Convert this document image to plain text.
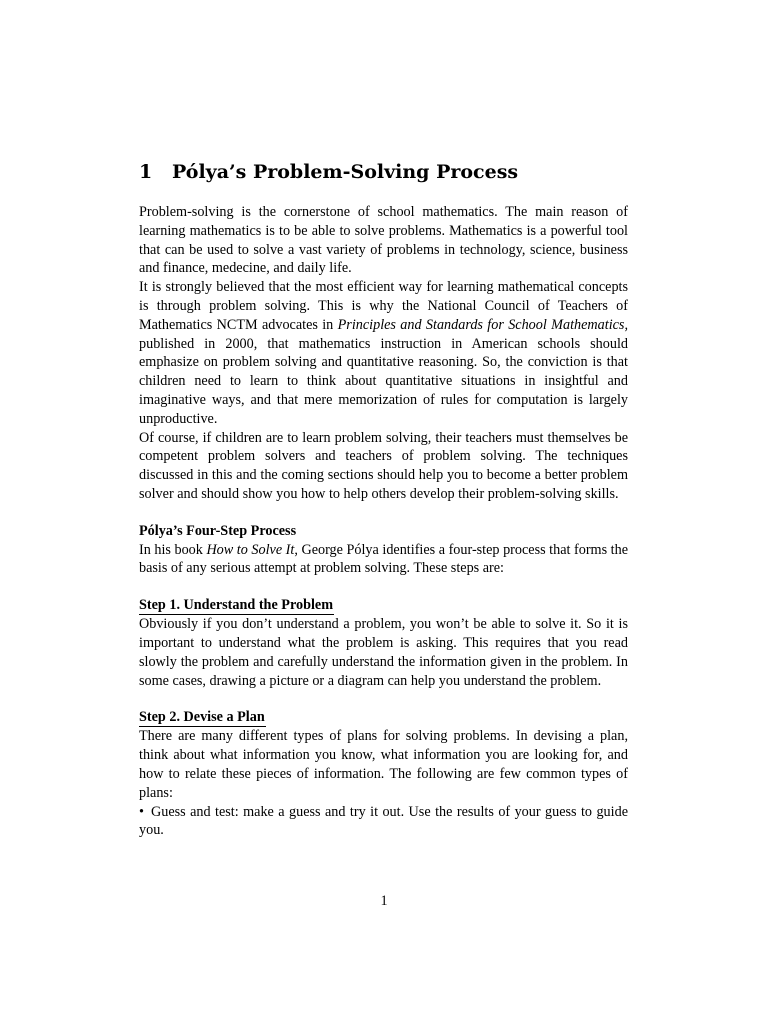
1 Pólya’s Problem-Solving Process

Problem-solving is the cornerstone of school mathematics. The main reason of learning mathematics is to be able to solve problems. Mathematics is a powerful tool that can be used to solve a vast variety of problems in technology, science, business and finance, medecine, and daily life.

It is strongly believed that the most efficient way for learning mathematical concepts is through problem solving. This is why the National Council of Teachers of Mathematics NCTM advocates in Principles and Standards for School Mathematics, published in 2000, that mathematics instruction in American schools should emphasize on problem solving and quantitative reasoning. So, the conviction is that children need to learn to think about quantitative situations in insightful and imaginative ways, and that mere memorization of rules for computation is largely unproductive.

Of course, if children are to learn problem solving, their teachers must themselves be competent problem solvers and teachers of problem solving. The techniques discussed in this and the coming sections should help you to become a better problem solver and should show you how to help others develop their problem-solving skills.

Pólya’s Four-Step Process

In his book How to Solve It, George Pólya identifies a four-step process that forms the basis of any serious attempt at problem solving. These steps are:

Step 1. Understand the Problem

Obviously if you don’t understand a problem, you won’t be able to solve it. So it is important to understand what the problem is asking. This requires that you read slowly the problem and carefully understand the information given in the problem. In some cases, drawing a picture or a diagram can help you understand the problem.

Step 2. Devise a Plan

There are many different types of plans for solving problems. In devising a plan, think about what information you know, what information you are looking for, and how to relate these pieces of information. The following are few common types of plans:

• Guess and test: make a guess and try it out. Use the results of your guess to guide you.

1
